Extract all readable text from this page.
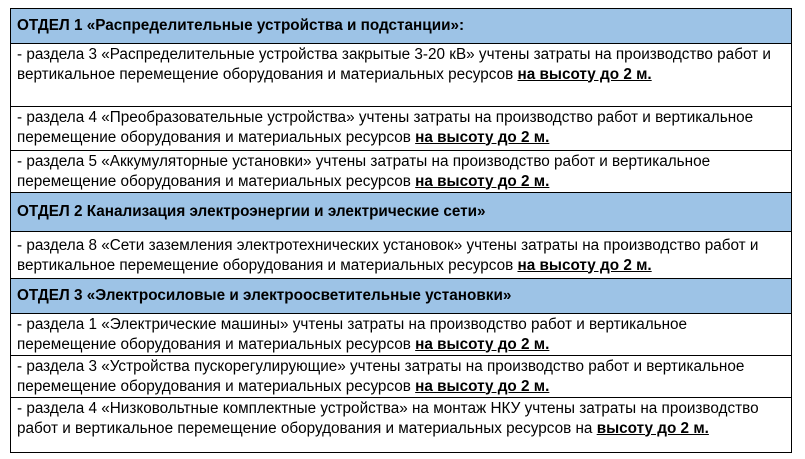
ОТДЕЛ 1 «Распределительные устройства и подстанции»:
- раздела 3 «Распределительные устройства закрытые 3-20 кВ» учтены затраты на производство работ и вертикальное перемещение оборудования и материальных ресурсов на высоту до 2 м.
- раздела 4 «Преобразовательные устройства» учтены затраты на производство работ и вертикальное перемещение оборудования и материальных ресурсов на высоту до 2 м.
- раздела 5 «Аккумуляторные установки» учтены затраты на производство работ и вертикальное перемещение оборудования и материальных ресурсов на высоту до 2 м.
ОТДЕЛ 2 Канализация электроэнергии и электрические сети»
- раздела 8 «Сети заземления электротехнических установок» учтены затраты на производство работ и вертикальное перемещение оборудования и материальных ресурсов на высоту до 2 м.
ОТДЕЛ 3 «Электросиловые и электроосветительные установки»
- раздела 1 «Электрические машины» учтены затраты на производство работ и вертикальное перемещение оборудования и материальных ресурсов на высоту до 2 м.
- раздела 3 «Устройства пускорегулирующие» учтены затраты на производство работ и вертикальное перемещение оборудования и материальных ресурсов на высоту до 2 м.
- раздела 4 «Низковольтные комплектные устройства» на монтаж НКУ учтены затраты на производство работ и вертикальное перемещение оборудования и материальных ресурсов на высоту до 2 м.
